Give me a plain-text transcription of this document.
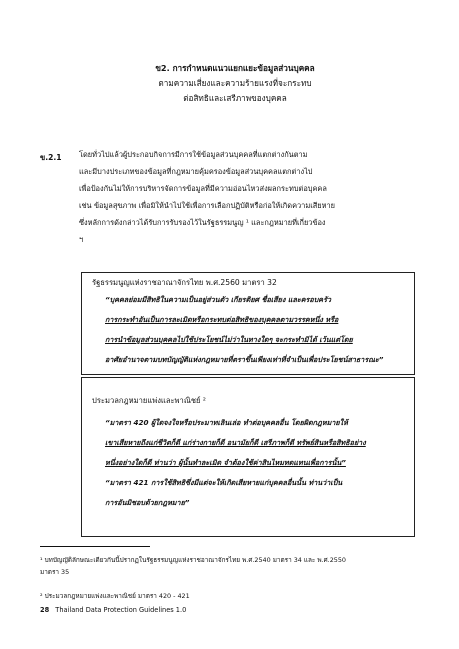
ข2. การกำหนดแนวแยกแยะข้อมูลส่วนบุคคล
ตามความเสี่ยงและความร้ายแรงที่จะกระทบ
ต่อสิทธิและเสรีภาพของบุคคล
ข.2.1 โดยทั่วไปแล้วผู้ประกอบกิจการมีการใช้ข้อมูลส่วนบุคคลที่แตกต่างกันตาม
และมีบางประเภทของข้อมูลที่กฎหมายคุ้มครองข้อมูลส่วนบุคคลแตกต่างไป
เพื่อป้องกันไม่ให้การบริหารจัดการข้อมูลที่มีความอ่อนไหวส่งผลกระทบต่อบุคคล
เช่น ข้อมูลสุขภาพ เพื่อมิให้นำไปใช้เพื่อการเลือกปฏิบัติหรือก่อให้เกิดความเสียหาย
ซึ่งหลักการดังกล่าวได้รับการรับรองไว้ในรัฐธรรมนูญ ¹ และกฎหมายที่เกี่ยวข้อง
ฯ
รัฐธรรมนูญแห่งราชอาณาจักรไทย พ.ศ.2560 มาตรา 32
“บุคคลย่อมมีสิทธิในความเป็นอยู่ส่วนตัว เกียรติยศ ชื่อเสียง และครอบครัว
การกระทำอันเป็นการละเมิดหรือกระทบต่อสิทธิของบุคคลตามวรรคหนึ่ง หรือ
การนำข้อมูลส่วนบุคคลไปใช้ประโยชน์ไม่ว่าในทางใดๆ จะกระทำมิได้ เว้นแต่โดย
อาศัยอำนาจตามบทบัญญัติแห่งกฎหมายที่ตราขึ้นเพียงเท่าที่จำเป็นเพื่อประโยชน์สาธารณะ”
ประมวลกฎหมายแพ่งและพาณิชย์ ²
“มาตรา 420 ผู้ใดจงใจหรือประมาทเลินเล่อ ทำต่อบุคคลอื่น โดยผิดกฎหมายให้
เขาเสียหายถึงแก่ชีวิตก็ดี แก่ร่างกายก็ดี อนามัยก็ดี เสรีภาพก็ดี ทรัพย์สินหรือสิทธิอย่าง
หนึ่งอย่างใดก็ดี ท่านว่า ผู้นั้นทำละเมิด จำต้องใช้ค่าสินไหมทดแทนเพื่อการนั้น”
“มาตรา 421 การใช้สิทธิซึ่งมีแต่จะให้เกิดเสียหายแก่บุคคลอื่นนั้น ท่านว่าเป็น
การอันมิชอบด้วยกฎหมาย”
¹ บทบัญญัติลักษณะเดียวกันนี้ปรากฏในรัฐธรรมนูญแห่งราชอาณาจักรไทย พ.ศ.2540 มาตรา 34 และ พ.ศ.2550
มาตรา 35
² ประมวลกฎหมายแพ่งและพาณิชย์ มาตรา 420 - 421
28 Thailand Data Protection Guidelines 1.0
